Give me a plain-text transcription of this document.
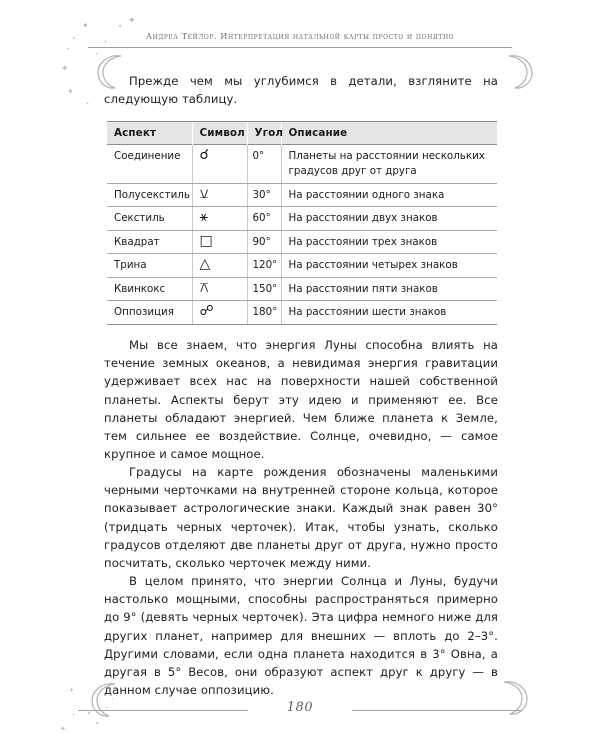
✦	✦
✦
✦
✦
✦
✦
✦
✦
✦
✦
✦
✦
✦
✦
Андреа Тейлор. Интерпретация натальной карты просто и понятно

Прежде чем мы углубимся в детали, взгляните на следующую таблицу.

Аспект	Символ	Угол	Описание
Соединение	☌	0°	Планеты на расстоянии нескольких градусов друг от друга
Полусекстиль	⚺	30°	На расстоянии одного знака
Секстиль	⚹	60°	На расстоянии двух знаков
Квадрат	□	90°	На расстоянии трех знаков
Трина	△	120°	На расстоянии четырех знаков
Квинкокс	⚻	150°	На расстоянии пяти знаков
Оппозиция	☍	180°	На расстоянии шести знаков

Мы все знаем, что энергия Луны способна влиять на течение земных океанов, а невидимая энергия гравитации удерживает всех нас на поверхности нашей собственной планеты. Аспекты берут эту идею и применяют ее. Все планеты обладают энергией. Чем ближе планета к Земле, тем сильнее ее воздействие. Солнце, очевидно, — самое крупное и самое мощное.

Градусы на карте рождения обозначены маленькими черными черточками на внутренней стороне кольца, которое показывает астрологические знаки. Каждый знак равен 30° (тридцать черных черточек). Итак, чтобы узнать, сколько градусов отделяют две планеты друг от друга, нужно просто посчитать, сколько черточек между ними.

В целом принято, что энергии Солнца и Луны, будучи настолько мощными, способны распространяться примерно до 9° (девять черных черточек). Эта цифра немного ниже для других планет, например для внешних — вплоть до 2–3°. Другими словами, если одна планета находится в 3° Овна, а другая в 5° Весов, они образуют аспект друг к другу — в данном случае оппозицию.

180
